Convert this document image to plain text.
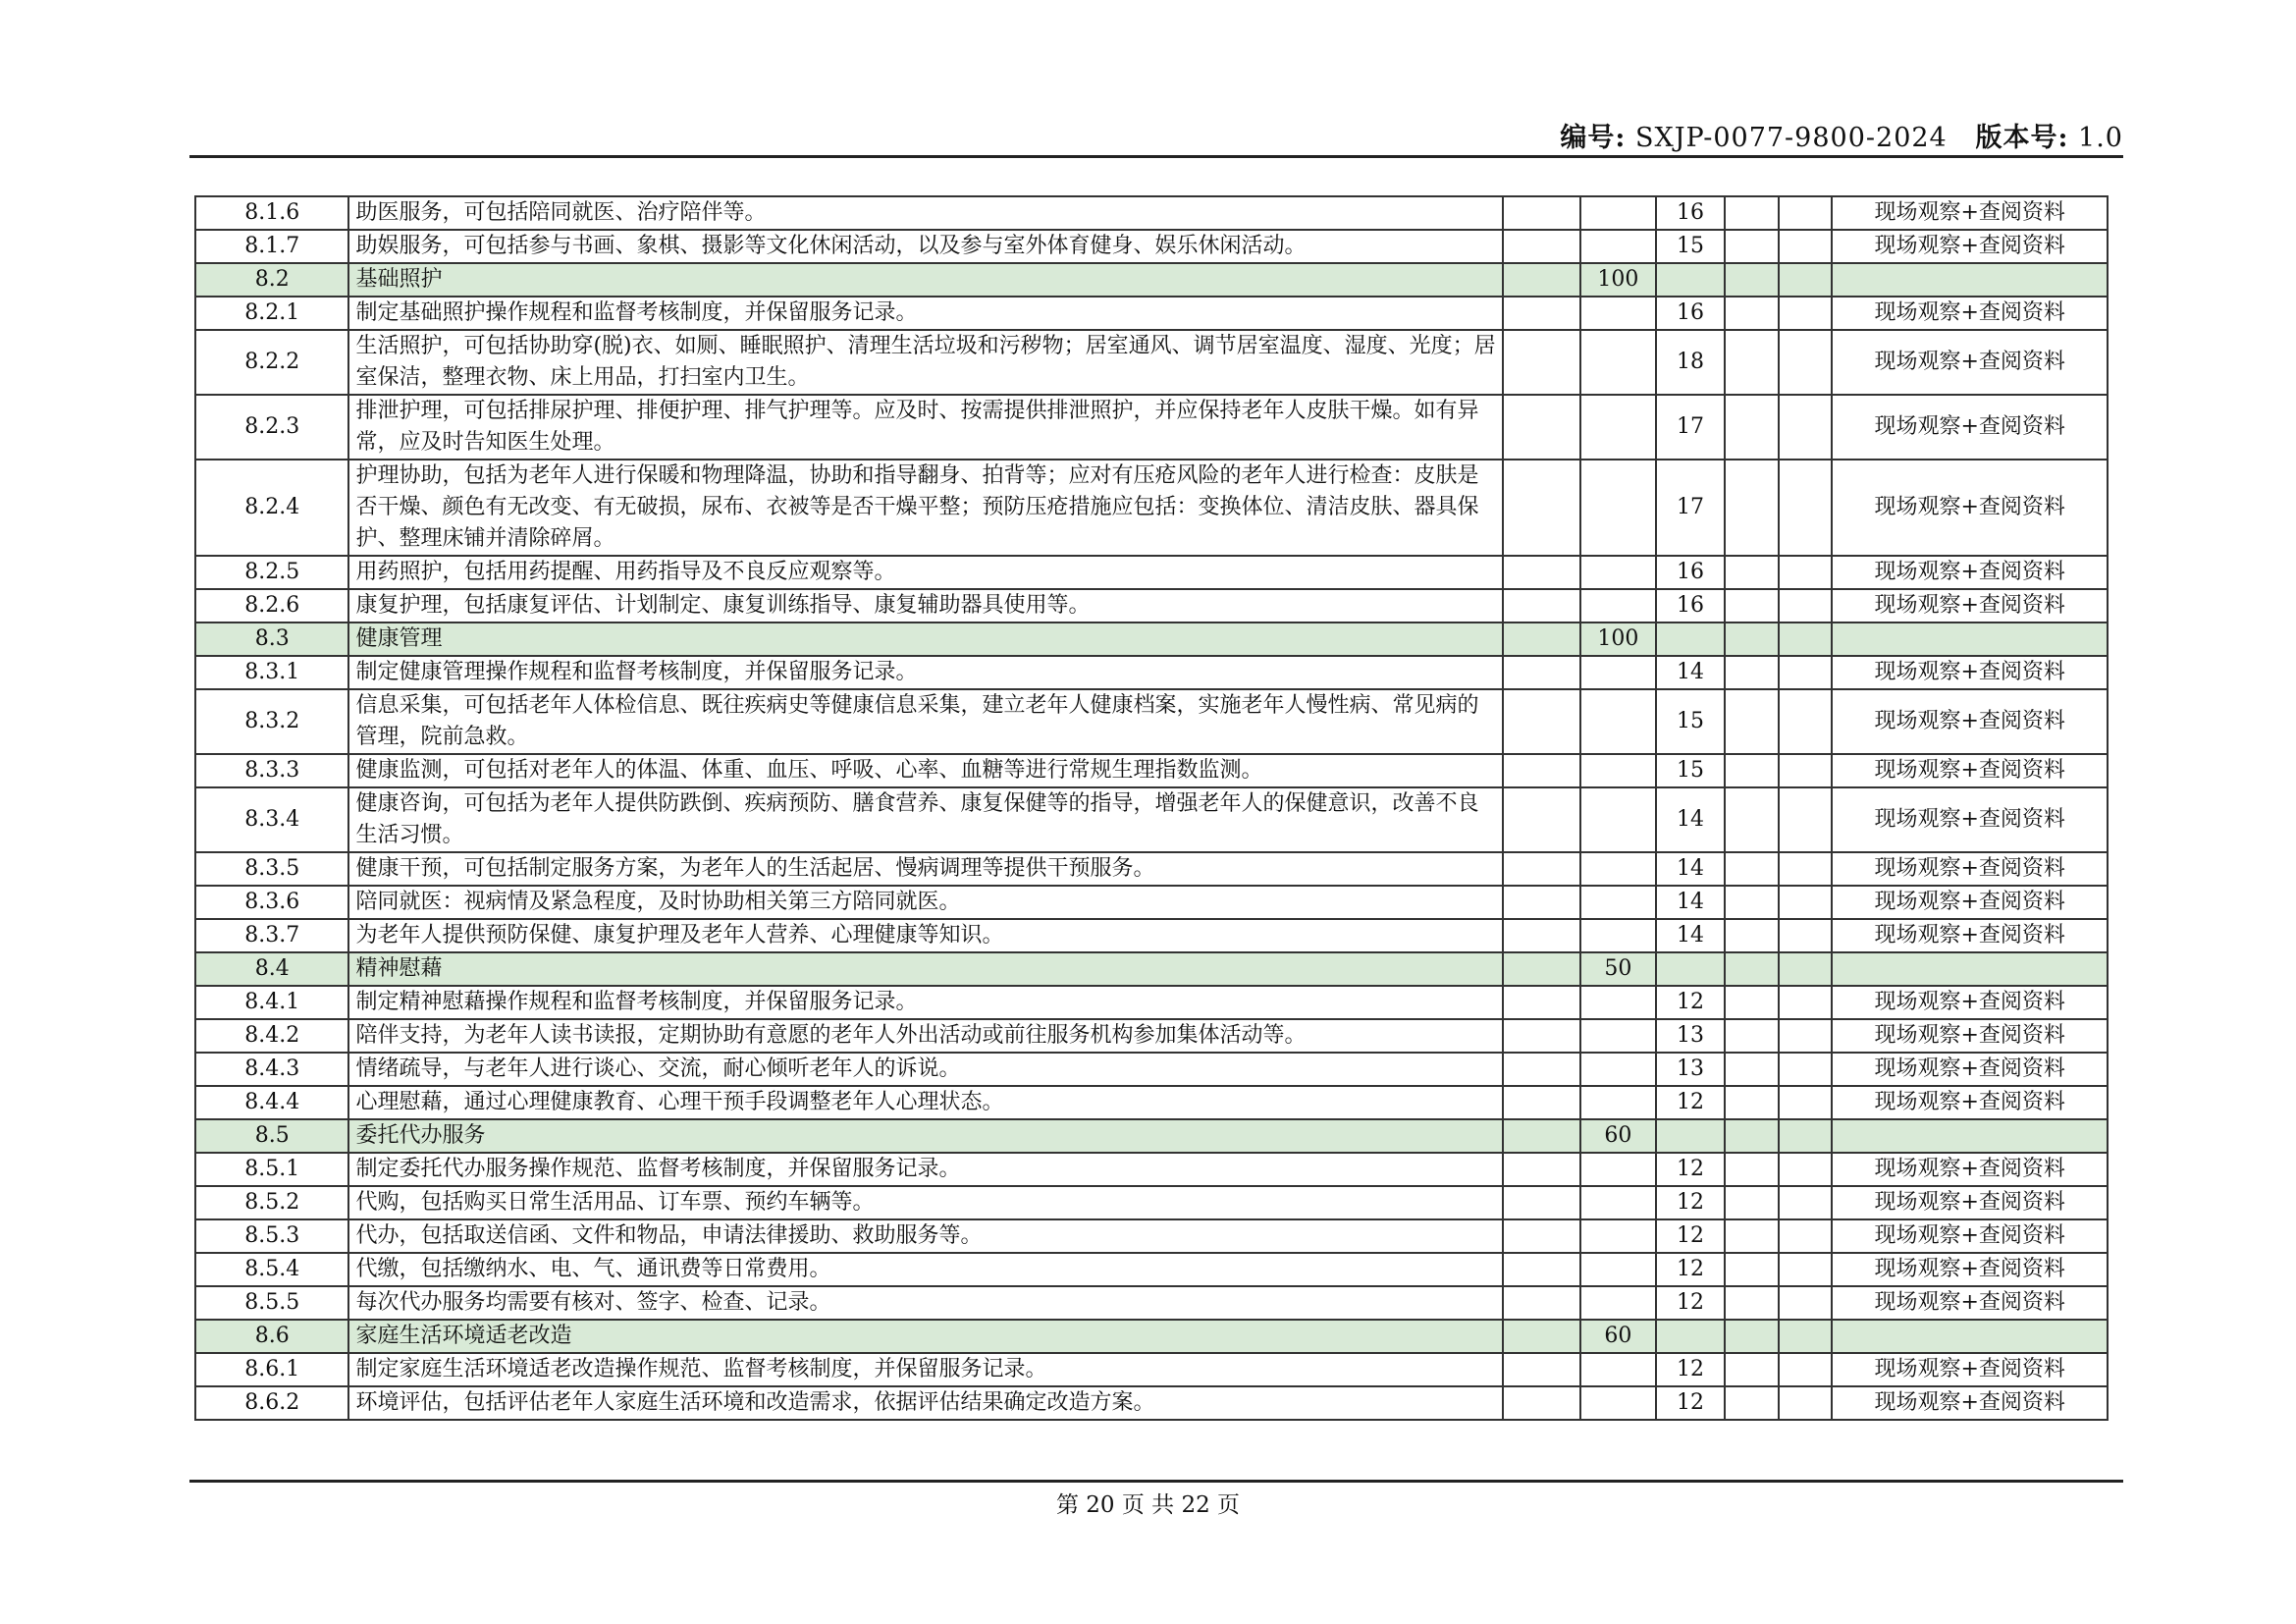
编号: SXJP-0077-9800-2024 版本号: 1.0
8.1.6	助医服务，可包括陪同就医、治疗陪伴等。			16			现场观察+查阅资料
8.1.7	助娱服务，可包括参与书画、象棋、摄影等文化休闲活动，以及参与室外体育健身、娱乐休闲活动。			15			现场观察+查阅资料
8.2	基础照护		100				
8.2.1	制定基础照护操作规程和监督考核制度，并保留服务记录。			16			现场观察+查阅资料
8.2.2	生活照护，可包括协助穿(脱)衣、如厕、睡眠照护、清理生活垃圾和污秽物；居室通风、调节居室温度、湿度、光度；居室保洁，整理衣物、床上用品，打扫室内卫生。			18			现场观察+查阅资料
8.2.3	排泄护理，可包括排尿护理、排便护理、排气护理等。应及时、按需提供排泄照护，并应保持老年人皮肤干燥。如有异常，应及时告知医生处理。			17			现场观察+查阅资料
8.2.4	护理协助，包括为老年人进行保暖和物理降温，协助和指导翻身、拍背等；应对有压疮风险的老年人进行检查：皮肤是否干燥、颜色有无改变、有无破损，尿布、衣被等是否干燥平整；预防压疮措施应包括：变换体位、清洁皮肤、器具保护、整理床铺并清除碎屑。			17			现场观察+查阅资料
8.2.5	用药照护，包括用药提醒、用药指导及不良反应观察等。			16			现场观察+查阅资料
8.2.6	康复护理，包括康复评估、计划制定、康复训练指导、康复辅助器具使用等。			16			现场观察+查阅资料
8.3	健康管理		100				
8.3.1	制定健康管理操作规程和监督考核制度，并保留服务记录。			14			现场观察+查阅资料
8.3.2	信息采集，可包括老年人体检信息、既往疾病史等健康信息采集，建立老年人健康档案，实施老年人慢性病、常见病的管理，院前急救。			15			现场观察+查阅资料
8.3.3	健康监测，可包括对老年人的体温、体重、血压、呼吸、心率、血糖等进行常规生理指数监测。			15			现场观察+查阅资料
8.3.4	健康咨询，可包括为老年人提供防跌倒、疾病预防、膳食营养、康复保健等的指导，增强老年人的保健意识，改善不良生活习惯。			14			现场观察+查阅资料
8.3.5	健康干预，可包括制定服务方案，为老年人的生活起居、慢病调理等提供干预服务。			14			现场观察+查阅资料
8.3.6	陪同就医：视病情及紧急程度，及时协助相关第三方陪同就医。			14			现场观察+查阅资料
8.3.7	为老年人提供预防保健、康复护理及老年人营养、心理健康等知识。			14			现场观察+查阅资料
8.4	精神慰藉		50				
8.4.1	制定精神慰藉操作规程和监督考核制度，并保留服务记录。			12			现场观察+查阅资料
8.4.2	陪伴支持，为老年人读书读报，定期协助有意愿的老年人外出活动或前往服务机构参加集体活动等。			13			现场观察+查阅资料
8.4.3	情绪疏导，与老年人进行谈心、交流，耐心倾听老年人的诉说。			13			现场观察+查阅资料
8.4.4	心理慰藉，通过心理健康教育、心理干预手段调整老年人心理状态。			12			现场观察+查阅资料
8.5	委托代办服务		60				
8.5.1	制定委托代办服务操作规范、监督考核制度，并保留服务记录。			12			现场观察+查阅资料
8.5.2	代购，包括购买日常生活用品、订车票、预约车辆等。			12			现场观察+查阅资料
8.5.3	代办，包括取送信函、文件和物品，申请法律援助、救助服务等。			12			现场观察+查阅资料
8.5.4	代缴，包括缴纳水、电、气、通讯费等日常费用。			12			现场观察+查阅资料
8.5.5	每次代办服务均需要有核对、签字、检查、记录。			12			现场观察+查阅资料
8.6	家庭生活环境适老改造		60				
8.6.1	制定家庭生活环境适老改造操作规范、监督考核制度，并保留服务记录。			12			现场观察+查阅资料
8.6.2	环境评估，包括评估老年人家庭生活环境和改造需求，依据评估结果确定改造方案。			12			现场观察+查阅资料
第 20 页 共 22 页
